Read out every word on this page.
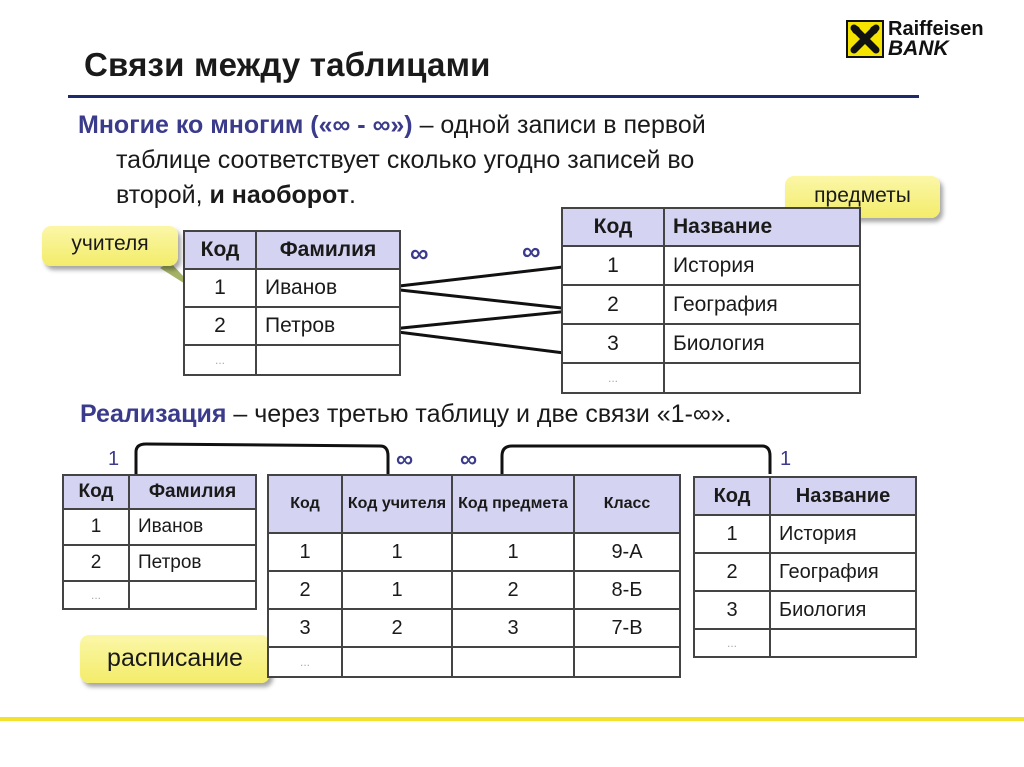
Связи между таблицами
Raiffeisen
BANK
Многие ко многим («∞ - ∞») – одной записи в первой
таблице соответствует сколько угодно записей во
второй, и наоборот.
учителя
предметы
расписание
∞	∞
Код	Фамилия
1	Иванов
2	Петров
...	
Код	Название
1	История
2	География
3	Биология
...	
Реализация – через третью таблицу и две связи «1-∞».
1	∞ ∞	1
Код	Фамилия
1	Иванов
2	Петров
...	
Код	Код учителя	Код предмета	Класс
1	1	1	9-А
2	1	2	8-Б
3	2	3	7-В
...			
Код	Название
1	История
2	География
3	Биология
...	
